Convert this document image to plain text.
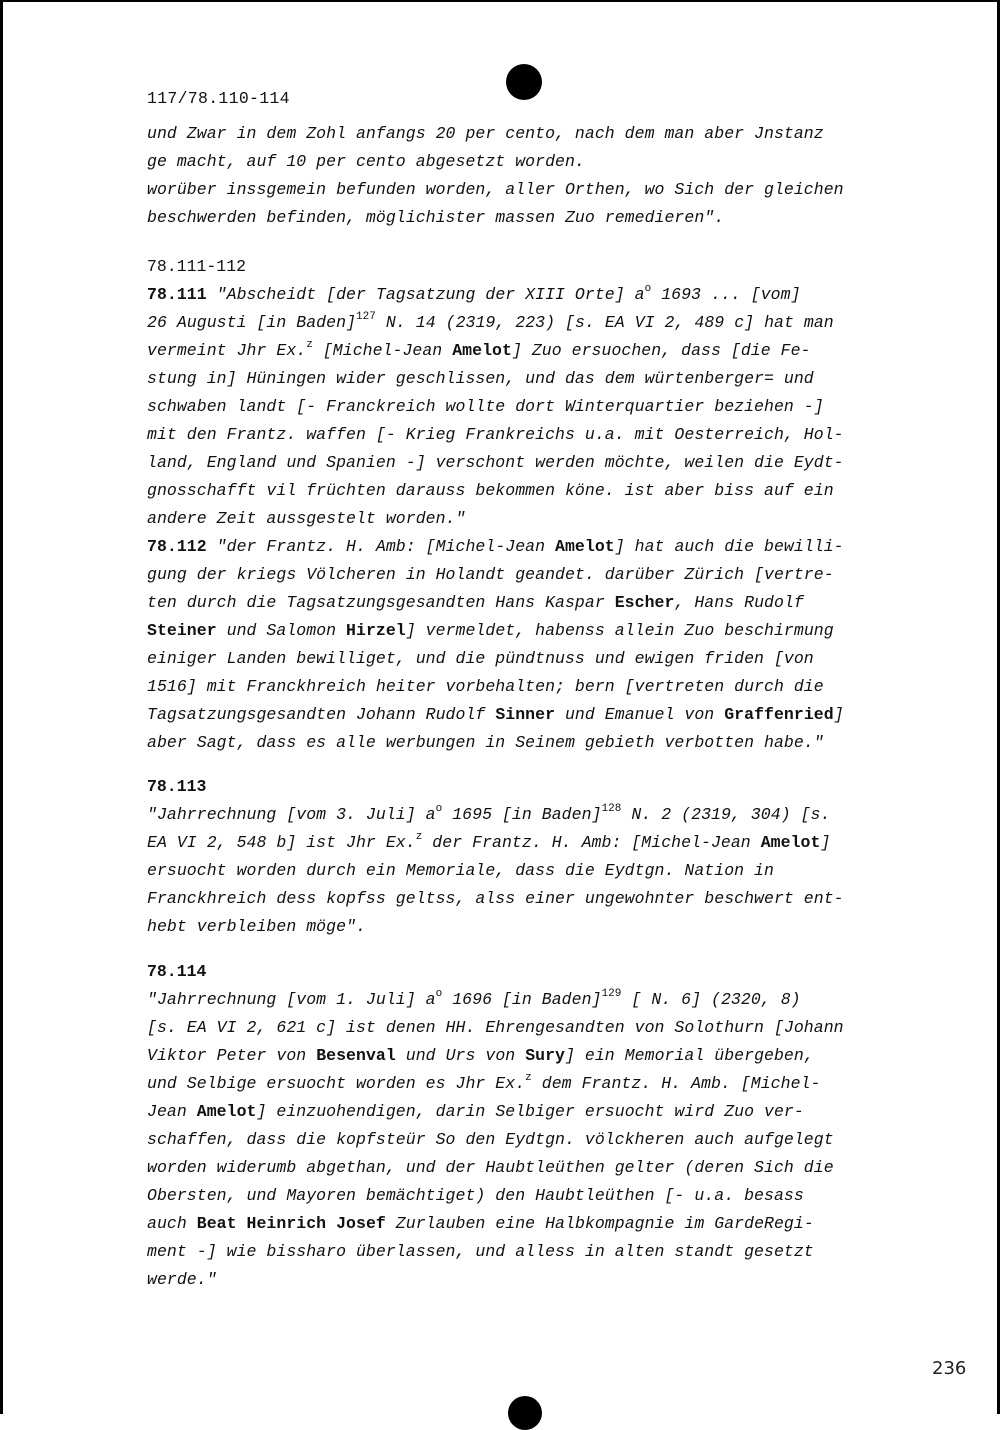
117/78.110-114
und Zwar in dem Zohl anfangs 20 per cento, nach dem man aber Jnstanz
ge macht, auf 10 per cento abgesetzt worden.
worüber inssgemein befunden worden, aller Orthen, wo Sich der gleichen
beschwerden befinden, möglichister massen Zuo remedieren".
78.111-112
78.111 "Abscheidt [der Tagsatzung der XIII Orte] $a^o$ 1693 ... [vom]
26 Augusti [in Baden]$^{127}$ N. 14 (2319, 223) [s. EA VI 2, 489 c] hat man
vermeint Jhr Ex.$^z$ [Michel-Jean Amelot] Zuo ersuochen, dass [die Fe-
stung in] Hüningen wider geschlissen, und das dem würtenberger= und
schwaben landt [- Franckreich wollte dort Winterquartier beziehen -]
mit den Frantz. waffen [- Krieg Frankreichs u.a. mit Oesterreich, Hol-
land, England und Spanien -] verschont werden möchte, weilen die Eydt-
gnosschafft vil früchten darauss bekommen köne. ist aber biss auf ein
andere Zeit aussgestelt worden."
78.112 "der Frantz. H. Amb: [Michel-Jean Amelot] hat auch die bewilli-
gung der kriegs Völcheren in Holandt geandet. darüber Zürich [vertre-
ten durch die Tagsatzungsgesandten Hans Kaspar Escher, Hans Rudolf
Steiner und Salomon Hirzel] vermeldet, habenss allein Zuo beschirmung
einiger Landen bewilliget, und die pündtnuss und ewigen friden [von
1516] mit Franckhreich heiter vorbehalten; bern [vertreten durch die
Tagsatzungsgesandten Johann Rudolf Sinner und Emanuel von Graffenried]
aber Sagt, dass es alle werbungen in Seinem gebieth verbotten habe."
78.113
"Jahrrechnung [vom 3. Juli] $a^o$ 1695 [in Baden]$^{128}$ N. 2 (2319, 304) [s.
EA VI 2, 548 b] ist Jhr Ex.$^z$ der Frantz. H. Amb: [Michel-Jean Amelot]
ersuocht worden durch ein Memoriale, dass die Eydtgn. Nation in
Franckhreich dess kopfss geltss, alss einer ungewohnter beschwert ent-
hebt verbleiben möge".
78.114
"Jahrrechnung [vom 1. Juli] $a^o$ 1696 [in Baden]$^{129}$ [ N. 6] (2320, 8)
[s. EA VI 2, 621 c] ist denen HH. Ehrengesandten von Solothurn [Johann
Viktor Peter von Besenval und Urs von Sury] ein Memorial übergeben,
und Selbige ersuocht worden es Jhr Ex.$^z$ dem Frantz. H. Amb. [Michel-
Jean Amelot] einzuohendigen, darin Selbiger ersuocht wird Zuo ver-
schaffen, dass die kopfsteür So den Eydtgn. völckheren auch aufgelegt
worden widerumb abgethan, und der Haubtleüthen gelter (deren Sich die
Obersten, und Mayoren bemächtiget) den Haubtleüthen [- u.a. besass
auch Beat Heinrich Josef Zurlauben eine Halbkompagnie im GardeRegi-
ment -] wie bissharo überlassen, und alless in alten standt gesetzt
werde."
236
